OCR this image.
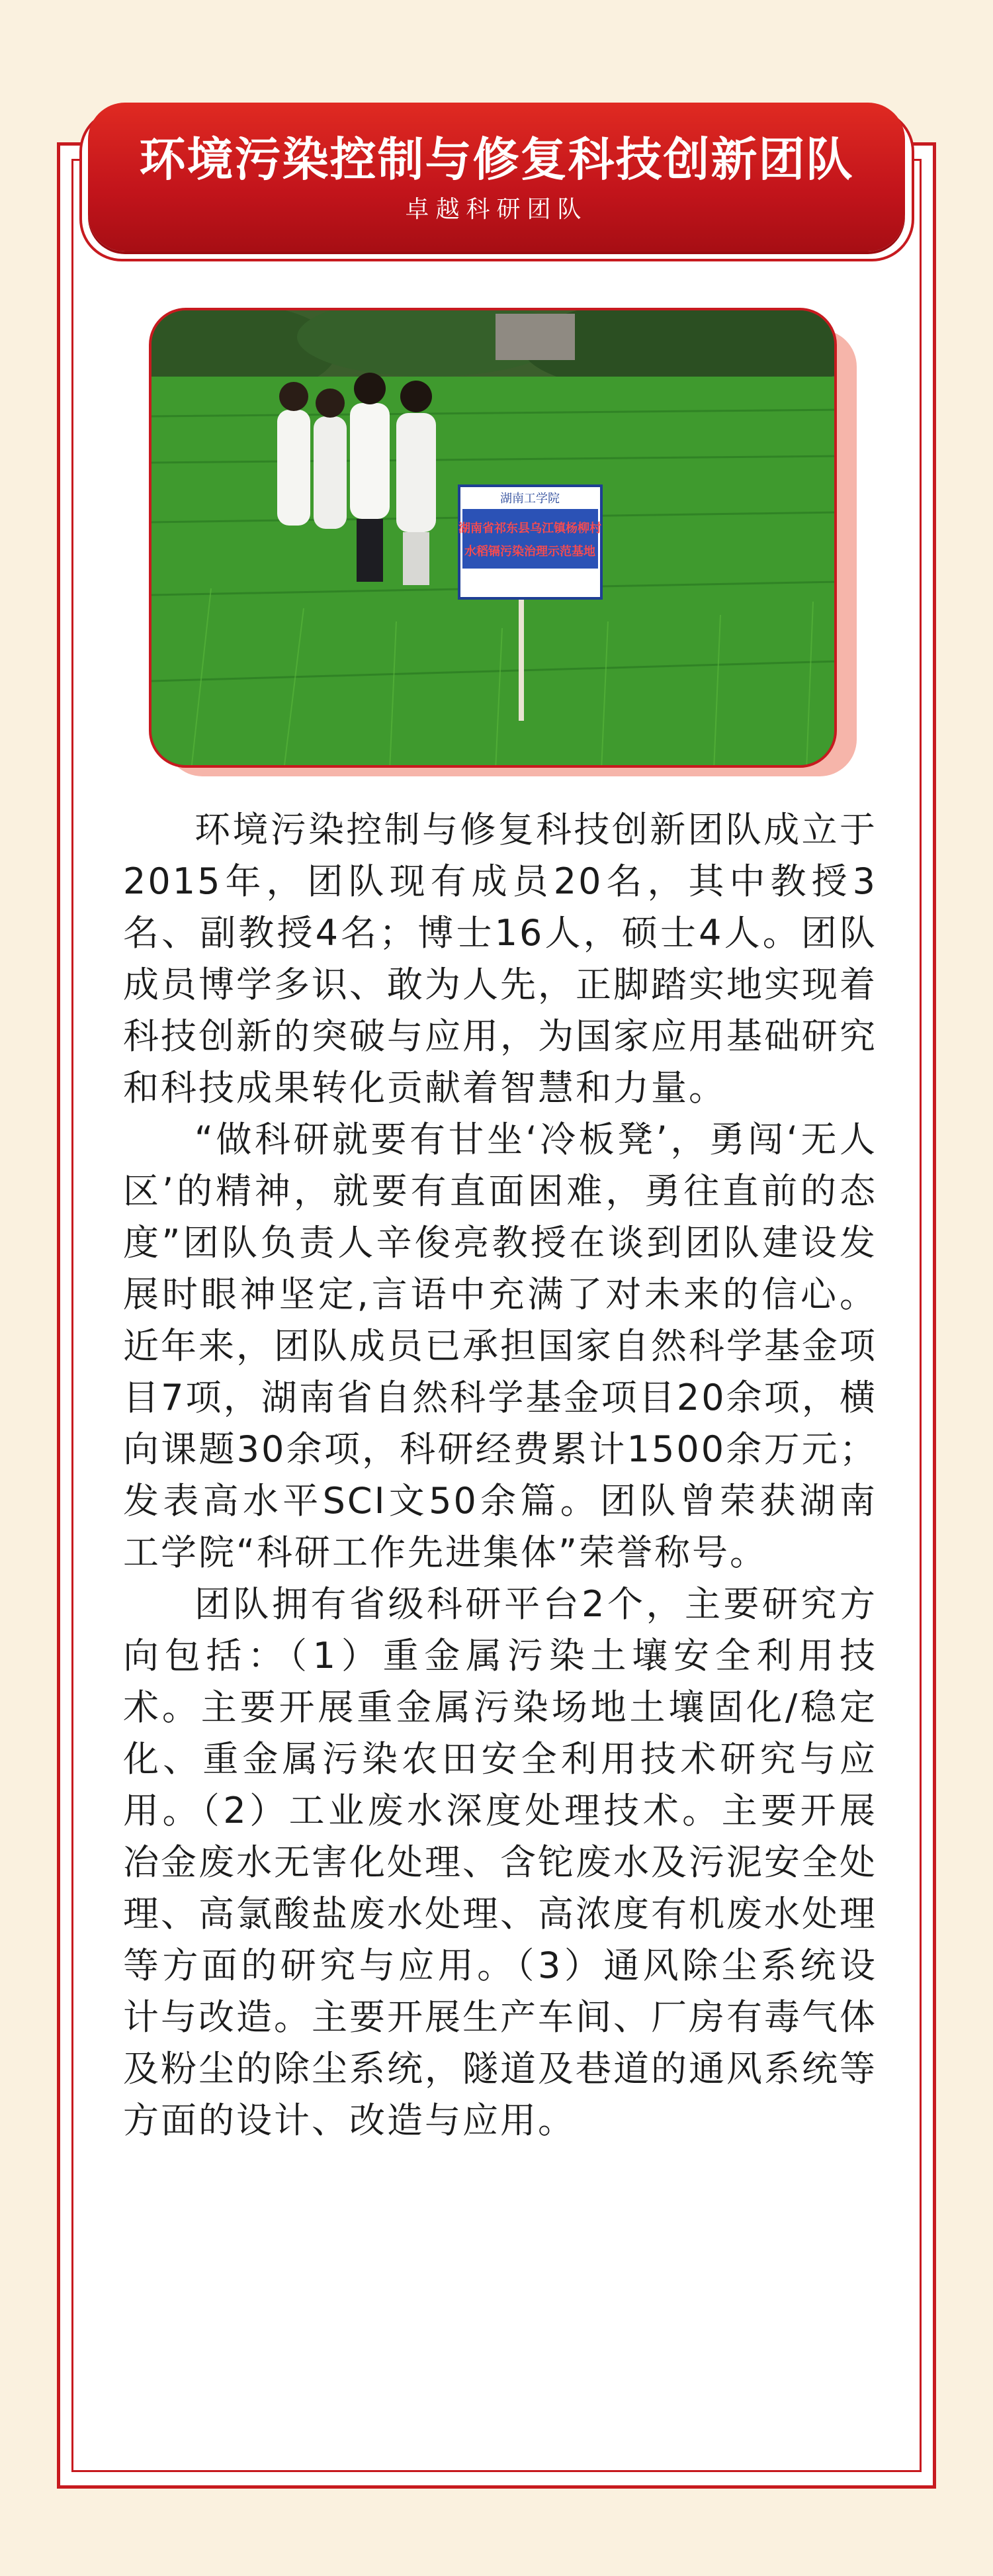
环境污染控制与修复科技创新团队
卓越科研团队
湖南工学院
湖南省祁东县乌江镇杨柳村
水稻镉污染治理示范基地

环境污染控制与修复科技创新团队成立于2015年，团队现有成员20名，其中教授3名、副教授4名；博士16人，硕士4人。团队成员博学多识、敢为人先，正脚踏实地实现着科技创新的突破与应用，为国家应用基础研究和科技成果转化贡献着智慧和力量。

“做科研就要有甘坐‘冷板凳’，勇闯‘无人区’的精神，就要有直面困难，勇往直前的态度”团队负责人辛俊亮教授在谈到团队建设发展时眼神坚定,言语中充满了对未来的信心。近年来，团队成员已承担国家自然科学基金项目7项，湖南省自然科学基金项目20余项，横向课题30余项，科研经费累计1500余万元；发表高水平SCI文50余篇。团队曾荣获湖南工学院“科研工作先进集体”荣誉称号。

团队拥有省级科研平台2个，主要研究方向包括：（1）重金属污染土壤安全利用技术。主要开展重金属污染场地土壤固化/稳定化、重金属污染农田安全利用技术研究与应用。（2）工业废水深度处理技术。主要开展冶金废水无害化处理、含铊废水及污泥安全处理、高氯酸盐废水处理、高浓度有机废水处理等方面的研究与应用。（3）通风除尘系统设计与改造。主要开展生产车间、厂房有毒气体及粉尘的除尘系统，隧道及巷道的通风系统等方面的设计、改造与应用。
